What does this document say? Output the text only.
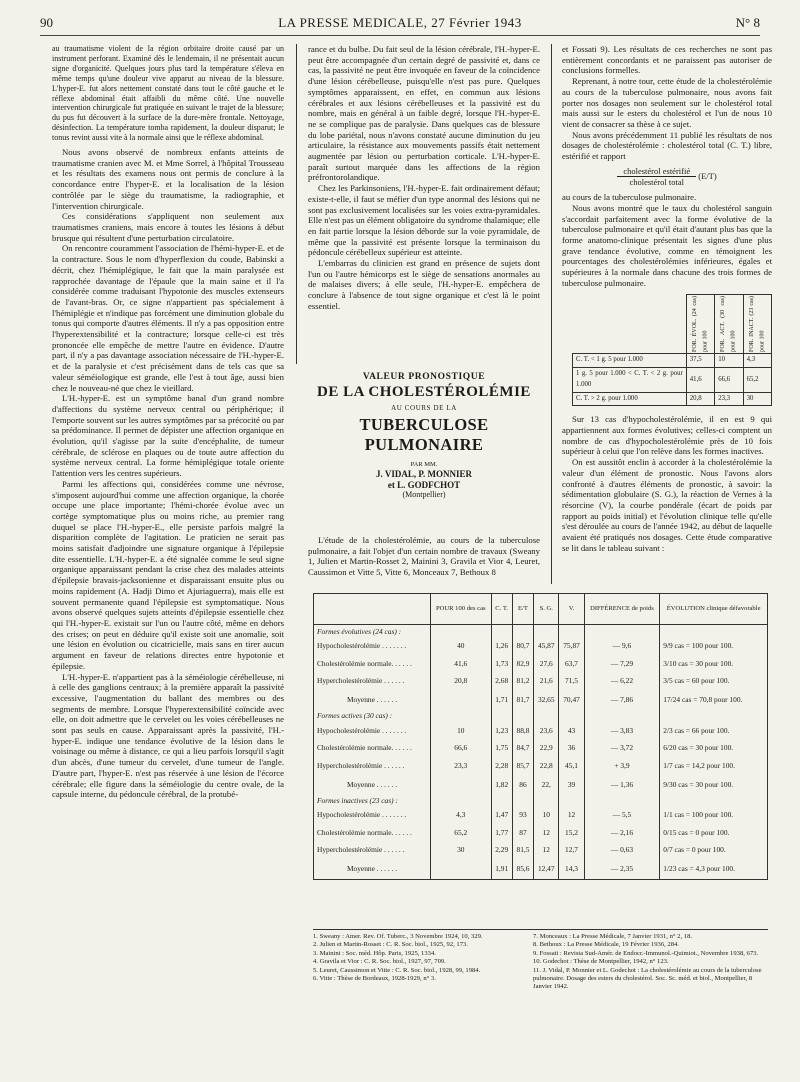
90	LA PRESSE MEDICALE, 27 Février 1943	N° 8

au traumatisme violent de la région orbitaire droite causé par un instrument perforant. Examiné dès le lendemain, il ne présentait aucun signe d'organicité. Quelques jours plus tard la température s'éleva en même temps qu'une douleur vive apparut au niveau de la blessure. L'hyper-E. fut alors nettement constaté dans tout le côté gauche et le réflexe abdominal était affaibli du même côté. Une nouvelle intervention chirurgicale fut pratiquée en suivant le trajet de la blessure; du pus fut découvert à la surface de la dure-mère frontale. Nettoyage, désinfection. La température tomba rapidement, la douleur disparut; le tonus revint aussi vite à la normale ainsi que le réflexe abdominal.

Nous avons observé de nombreux enfants atteints de traumatisme cranien avec M. et Mme Sorrel, à l'hôpital Trousseau et les résultats des examens nous ont permis de conclure à la concordance entre l'hyper-E. et la localisation de la lésion contrôlée par le siège du traumatisme, la radiographie, et l'intervention chirurgicale.

Ces considérations s'appliquent non seulement aux traumatismes craniens, mais encore à toutes les lésions à début brusque qui résultent d'une perturbation circulatoire.

On rencontre couramment l'association de l'hémi-hyper-E. et de la contracture. Sous le nom d'hyperflexion du coude, Babinski a décrit, chez l'hémiplégique, le fait que la main paralysée est rapprochée davantage de l'épaule que la main saine et il l'a considérée comme traduisant l'hypotonie des muscles extenseurs de l'avant-bras. Or, ce signe n'appartient pas spécialement à l'hémiplégie et n'indique pas forcément une diminution globale du tonus qui comporte d'autres éléments. Il n'y a pas opposition entre l'hyperextensibilité et la contracture; lorsque celle-ci est très prononcée elle empêche de mettre l'autre en évidence. D'autre part, il n'y a pas davantage association nécessaire de l'H.-hyper-E. et de la paralysie et c'est précisément dans de tels cas que sa valeur séméiologique est grande, elle l'est à tout âge, aussi bien chez le nouveau-né que chez le vieillard.

L'H.-hyper-E. est un symptôme banal d'un grand nombre d'affections du système nerveux central ou périphérique; il l'emporte souvent sur les autres symptômes par sa précocité ou par sa prédominance. Il permet de dépister une affection organique en évolution, qu'il s'agisse par la suite d'encéphalite, de tumeur cérébrale, de sclérose en plaques ou de toute autre affection du système nerveux central. La forme hémiplégique totale oriente l'attention vers les centres supérieurs.

Parmi les affections qui, considérées comme une névrose, s'imposent aujourd'hui comme une affection organique, la chorée occupe une place importante; l'hémi-chorée évolue avec un cortège symptomatique plus ou moins riche, au premier rang duquel se place l'H.-hyper-E., elle persiste parfois malgré la disparition complète de l'agitation. Le praticien ne serait pas moins satisfait d'adjoindre une signature organique à l'épilepsie dite essentielle. L'H.-hyper-E. a été signalée comme le seul signe organique apparaissant pendant la crise chez des malades atteints d'épilepsie bravais-jacksonienne et disparaissant ensuite plus ou moins rapidement (A. Hadji Dimo et Ajuriaguerra), mais elle est souvent permanente quand l'épilepsie est symptomatique. Nous avons observé quelques sujets atteints d'épilepsie essentielle chez qui l'H.-hyper-E. existait sur l'un ou l'autre côté, même en dehors des crises; on peut en déduire qu'il existe soit une anomalie, soit une lésion en évolution ou cicatricielle, mais sans en tirer aucun argument en faveur de relations directes entre hypotonie et épilepsie.

L'H.-hyper-E. n'appartient pas à la séméiologie cérébelleuse, ni à celle des ganglions centraux; à la première apparaît la passivité excessive, l'augmentation du ballant des membres ou des segments de membre. Lorsque l'hyperextensibilité coïncide avec elle, on doit admettre que le cervelet ou les voies cérébelleuses ne sont pas seuls en cause. Apparaissant après la passivité, l'H.-hyper-E. indique une tendance évolutive de la lésion dans le voisinage ou même à distance, ce qui a lieu parfois lorsqu'il s'agit d'un abcès, d'une tumeur du cervelet, d'une tumeur de l'angle. D'autre part, l'hyper-E. n'est pas réservée à une lésion de l'écorce cérébrale; elle figure dans la séméiologie du centre ovale, de la capsule interne, du pédoncule cérébral, de la protubé-

rance et du bulbe. Du fait seul de la lésion cérébrale, l'H.-hyper-E. peut être accompagnée d'un certain degré de passivité et, dans ce cas, la passivité ne peut être invoquée en faveur de la coïncidence d'une lésion cérébelleuse, puisqu'elle n'est pas pure. Quelques symptômes apparaissent, en effet, en commun aux lésions cérébrales et aux lésions cérébelleuses et la passivité est du nombre, mais en général à un faible degré, lorsque l'H.-hyper-E. ne se complique pas de paralysie. Dans quelques cas de blessure du lobe pariétal, nous n'avons constaté aucune diminution du jeu articulaire, la résistance aux mouvements passifs était nettement augmentée par lésion ou perturbation corticale. L'H.-hyper-E. paraît surtout marquée dans les affections de la région préfrontorolandique.

Chez les Parkinsoniens, l'H.-hyper-E. fait ordinairement défaut; existe-t-elle, il faut se méfier d'un type anormal des lésions qui ne sont pas exclusivement localisées sur les voies extra-pyramidales. Elle n'est pas un élément obligatoire du syndrome thalamique; elle en fait partie lorsque la lésion déborde sur la voie pyramidale, de même que la passivité est présente lorsque la terminaison du pédoncule cérébelleux supérieur est atteinte.

L'embarras du clinicien est grand en présence de sujets dont l'un ou l'autre hémicorps est le siège de sensations anormales au de malaises divers; à elle seule, l'H.-hyper-E. empêchera de conclure à l'absence de tout signe organique et c'est là le point essentiel.

VALEUR PRONOSTIQUE
DE LA CHOLESTÉROLÉMIE
AU COURS DE LA
TUBERCULOSE PULMONAIRE
PAR MM.
J. VIDAL, P. MONNIER
et L. GODFCHOT
(Montpellier)

L'étude de la cholestérolémie, au cours de la tuberculose pulmonaire, a fait l'objet d'un certain nombre de travaux (Sweany 1, Julien et Martin-Rosset 2, Mainini 3, Gravila et Vior 4, Leuret, Caussimon et Vitte 5, Vitte 6, Monceaux 7, Bethoux 8

et Fossati 9). Les résultats de ces recherches ne sont pas entièrement concordants et ne paraissent pas autoriser de conclusions formelles.

Reprenant, à notre tour, cette étude de la cholestérolémie au cours de la tuberculose pulmonaire, nous avons fait porter nos dosages non seulement sur le cholestérol total mais aussi sur le esters du cholestérol et l'un de nous 10 vient de consacrer sa thèse à ce sujet.

Nous avons précédemment 11 publié les résultats de nos dosages de cholestérolémie : cholestérol total (C. T.) libre, estérifié et rapport

cholestérol estérifié
cholestérol total
(E/T)

au cours de la tuberculose pulmonaire.

Nous avons montré que le taux du cholestérol sanguin s'accordait parfaitement avec la forme évolutive de la tuberculose pulmonaire et qu'il était d'autant plus bas que la forme anatomo-clinique présentait les signes d'une plus grave tendance évolutive, comme en témoignent les pourcentages des cholestérolémies inférieures, égales et supérieures à la normale dans chacune des trois formes de tuberculose pulmonaire.

	FOR. ÉVOL. (24 cas) pour 100	FOR. ACT. (30 cas) pour 100	FOR. INACT. (23 cas) pour 100

C. T. < 1 g. 5 pour 1.000	37,5	10	4,3
1 g. 5 pour 1.000 < C. T. < 2 g. pour 1.000	41,6	66,6	65,2
C. T. > 2 g. pour 1.000	20,8	23,3	30

Sur 13 cas d'hypocholestérolémie, il en est 9 qui appartiennent aux formes évolutives; celles-ci comptent un nombre de cas d'hypocholestérolémie près de 10 fois supérieur à celui que l'on relève dans les formes inactives.

On est aussitôt enclin à accorder à la cholestérolémie la valeur d'un élément de pronostic. Nous l'avons alors confronté à d'autres éléments de pronostic, à savoir: la sédimentation globulaire (S. G.), la réaction de Vernes à la résorcine (V), la courbe pondérale (écart de poids par rapport au poids initial) et l'évolution clinique telle qu'elle s'est déroulée au cours de l'année 1942, au début de laquelle avaient été pratiqués nos dosages. Cette étude comparative se lit dans le tableau suivant :

	POUR 100 des cas	C. T.	E/T	S. G.	V.	DIFFÉRENCE de poids	ÉVOLUTION clinique défavorable
Formes évolutives (24 cas) :							
Hypocholestérolémie . . . . . . .	40	1,26	80,7	45,87	75,87	— 9,6	9/9 cas = 100 pour 100.
Cholestérolémie normale. . . . . .	41,6	1,73	82,9	27,6	63,7	— 7,29	3/10 cas = 30 pour 100.
Hypercholestérolémie . . . . . .	20,8	2,68	81,2	21,6	71,5	— 6,22	3/5 cas = 60 pour 100.
Moyenne . . . . . .		1,71	81,7	32,65	70,47	— 7,86	17/24 cas = 70,8 pour 100.
Formes actives (30 cas) :							
Hypocholestérolémie . . . . . . .	10	1,23	88,8	23,6	43	— 3,83	2/3 cas = 66 pour 100.
Cholestérolémie normale. . . . . .	66,6	1,75	84,7	22,9	36	— 3,72	6/20 cas = 30 pour 100.
Hypercholestérolémie . . . . . .	23,3	2,28	85,7	22,8	45,1	+ 3,9	1/7 cas = 14,2 pour 100.
Moyenne . . . . . .		1,82	86	22,	39	— 1,36	9/30 cas = 30 pour 100.
Formes inactives (23 cas) :							
Hypocholestérolémie . . . . . . .	4,3	1,47	93	10	12	— 5,5	1/1 cas = 100 pour 100.
Cholestérolémie normale. . . . . .	65,2	1,77	87	12	15,2	— 2,16	0/15 cas = 0 pour 100.
Hypercholestérolémie . . . . . .	30	2,29	81,5	12	12,7	— 0,63	0/7 cas = 0 pour 100.
Moyenne . . . . . .		1,91	85,6	12,47	14,3	— 2,35	1/23 cas = 4,3 pour 100.
1. Sweany : Amer. Rev. Of. Tuberc., 3 Novembre 1924, 10, 329.
2. Julien et Martin-Rosset : C. R. Soc. biol., 1925, 92, 173.
3. Mainini : Soc. méd. Hôp. Paris, 1925, 1334.
4. Gravila et Vior : C. R. Soc. biol., 1927, 97, 709.
5. Leuret, Caussimon et Vitte : C. R. Soc. biol., 1928, 99, 1984.
6. Vitte : Thèse de Bordeaux, 1928-1929, n° 3.
7. Monceaux : La Presse Médicale, 7 Janvier 1931, n° 2, 18.
8. Bethoux : La Presse Médicale, 19 Février 1936, 284.
9. Fossati : Revista Sud-Amér. de Endocr.-Immunol.-Quimiot., Novembre 1938, 673.
10. Godechot : Thèse de Montpellier, 1942, n° 123.
11. J. Vidal, P. Monnier et L. Godechot : La cholestérolémie au cours de la tuberculose pulmonaire. Dosage des esters du cholestérol. Soc. Sc. méd. et biol., Montpellier, 8 Janvier 1942.
